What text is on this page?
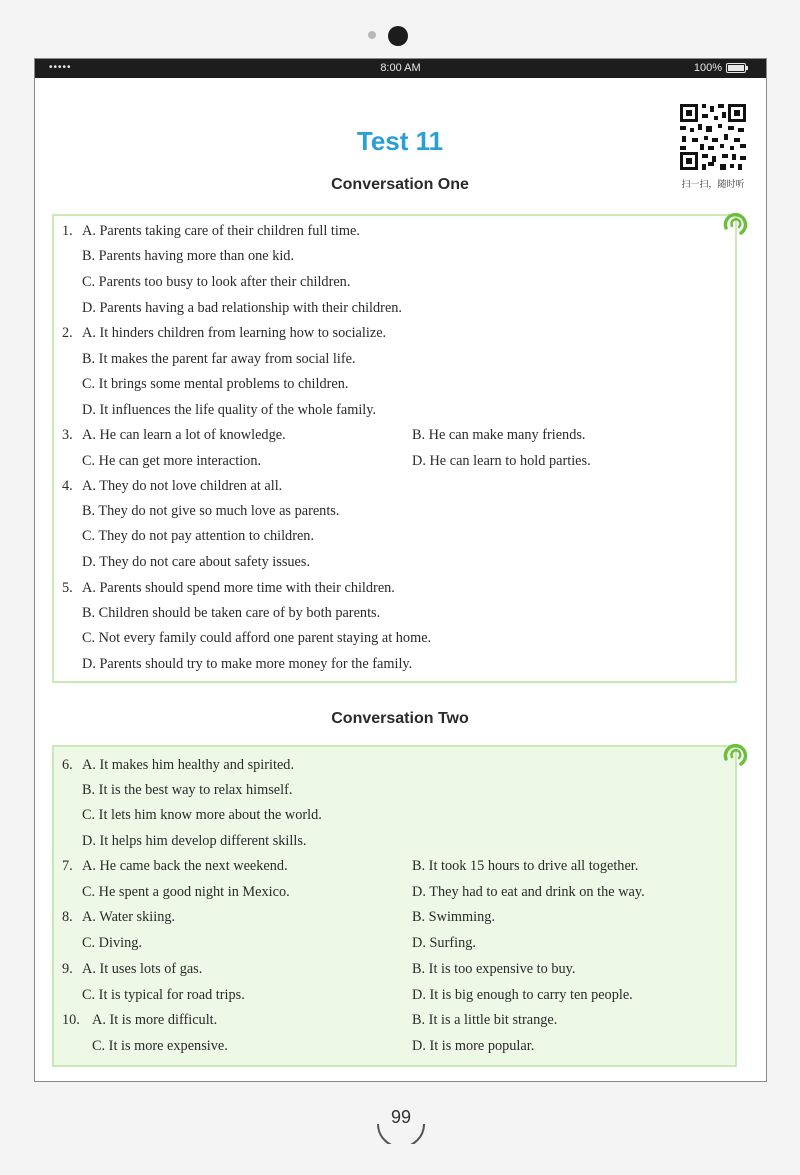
•••••	8:00 AM	100%
Test 11
扫一扫，随时听
Conversation One
Conversation Two
1. A. Parents taking care of their children full time.
B. Parents having more than one kid.
C. Parents too busy to look after their children.
D. Parents having a bad relationship with their children.
2. A. It hinders children from learning how to socialize.
B. It makes the parent far away from social life.
C. It brings some mental problems to children.
D. It influences the life quality of the whole family.
3. A. He can learn a lot of knowledge.	B. He can make many friends.
C. He can get more interaction.	D. He can learn to hold parties.
4. A. They do not love children at all.
B. They do not give so much love as parents.
C. They do not pay attention to children.
D. They do not care about safety issues.
5. A. Parents should spend more time with their children.
B. Children should be taken care of by both parents.
C. Not every family could afford one parent staying at home.
D. Parents should try to make more money for the family.
6. A. It makes him healthy and spirited.
B. It is the best way to relax himself.
C. It lets him know more about the world.
D. It helps him develop different skills.
7. A. He came back the next weekend.	B. It took 15 hours to drive all together.
C. He spent a good night in Mexico.	D. They had to eat and drink on the way.
8. A. Water skiing.	B. Swimming.
C. Diving.	D. Surfing.
9. A. It uses lots of gas.	B. It is too expensive to buy.
C. It is typical for road trips.	D. It is big enough to carry ten people.
10. A. It is more difficult.	B. It is a little bit strange.
C. It is more expensive.	D. It is more popular.
99
